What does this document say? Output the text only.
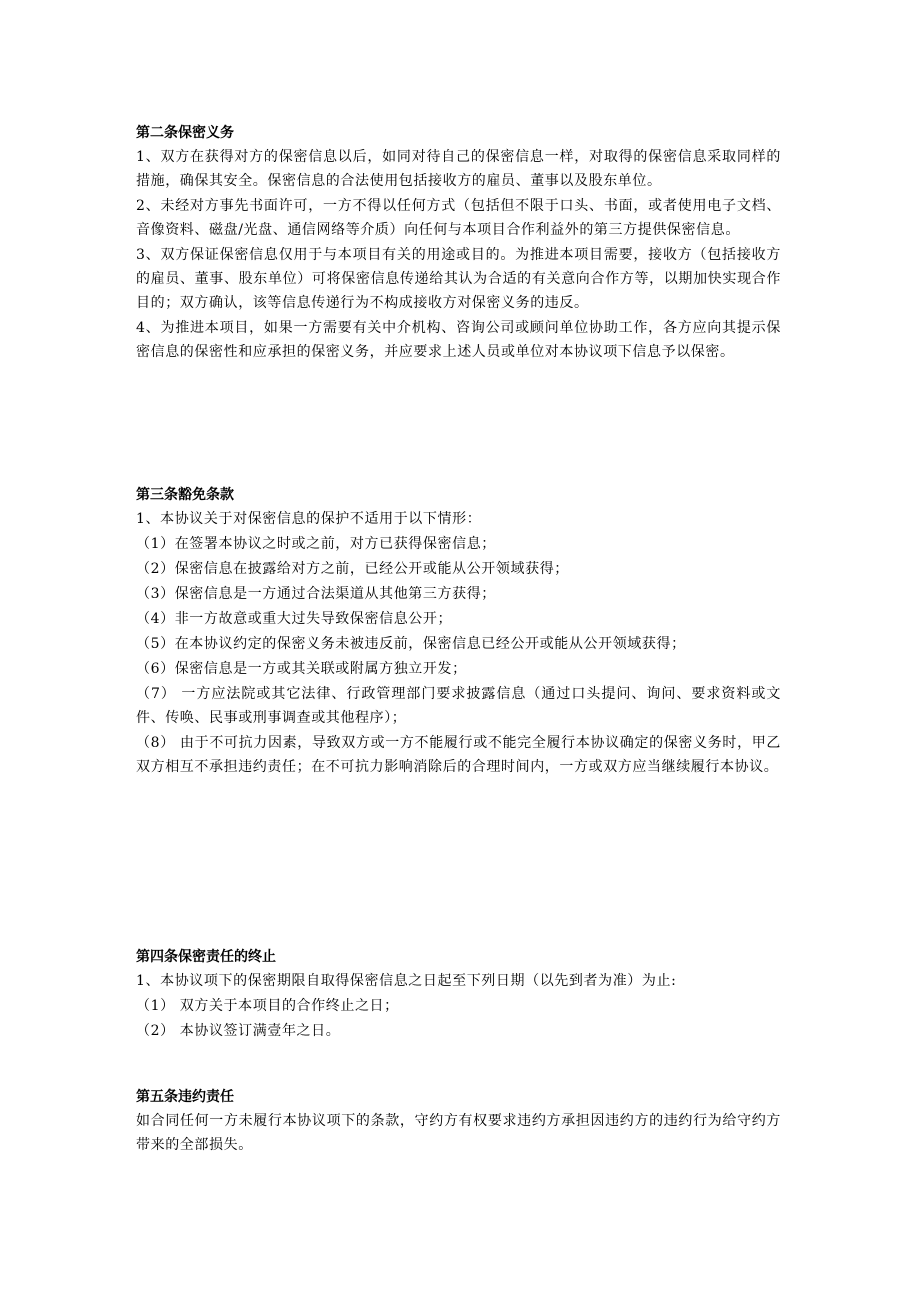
第二条保密义务

1、双方在获得对方的保密信息以后，如同对待自己的保密信息一样，对取得的保密信息采取同样的措施，确保其安全。保密信息的合法使用包括接收方的雇员、董事以及股东单位。

2、未经对方事先书面许可，一方不得以任何方式（包括但不限于口头、书面，或者使用电子文档、音像资料、磁盘/光盘、通信网络等介质）向任何与本项目合作利益外的第三方提供保密信息。

3、双方保证保密信息仅用于与本项目有关的用途或目的。为推进本项目需要，接收方（包括接收方的雇员、董事、股东单位）可将保密信息传递给其认为合适的有关意向合作方等，以期加快实现合作目的；双方确认，该等信息传递行为不构成接收方对保密义务的违反。

4、为推进本项目，如果一方需要有关中介机构、咨询公司或顾问单位协助工作，各方应向其提示保密信息的保密性和应承担的保密义务，并应要求上述人员或单位对本协议项下信息予以保密。

第三条豁免条款

1、本协议关于对保密信息的保护不适用于以下情形：

（1）在签署本协议之时或之前，对方已获得保密信息；

（2）保密信息在披露给对方之前，已经公开或能从公开领域获得；

（3）保密信息是一方通过合法渠道从其他第三方获得；

（4）非一方故意或重大过失导致保密信息公开；

（5）在本协议约定的保密义务未被违反前，保密信息已经公开或能从公开领域获得；

（6）保密信息是一方或其关联或附属方独立开发；

（7） 一方应法院或其它法律、行政管理部门要求披露信息（通过口头提问、询问、要求资料或文件、传唤、民事或刑事调查或其他程序）；

（8） 由于不可抗力因素，导致双方或一方不能履行或不能完全履行本协议确定的保密义务时，甲乙双方相互不承担违约责任；在不可抗力影响消除后的合理时间内，一方或双方应当继续履行本协议。

第四条保密责任的终止

1、本协议项下的保密期限自取得保密信息之日起至下列日期（以先到者为准）为止:

（1） 双方关于本项目的合作终止之日；

（2） 本协议签订满壹年之日。

第五条违约责任

如合同任何一方未履行本协议项下的条款，守约方有权要求违约方承担因违约方的违约行为给守约方带来的全部损失。
